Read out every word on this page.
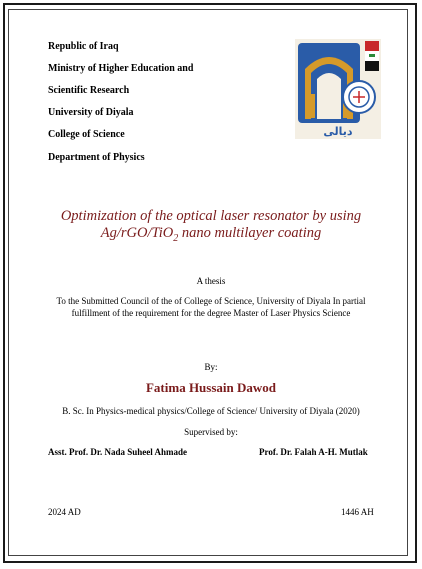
Republic of Iraq
Ministry of Higher Education and
Scientific Research
University of Diyala
College of Science
Department of Physics
ديالى
Optimization of the optical laser resonator by using
Ag/rGO/TiO$_2$ nano multilayer coating
A thesis
To the Submitted Council of the of College of Science, University of Diyala In partial fulfillment of the requirement for the degree Master of Laser Physics Science
By:
Fatima Hussain Dawod
B. Sc. In Physics-medical physics/College of Science/ University of Diyala (2020)
Supervised by:
Asst. Prof. Dr. Nada Suheel Ahmade	Prof. Dr. Falah A-H. Mutlak
2024 AD	1446 AH
